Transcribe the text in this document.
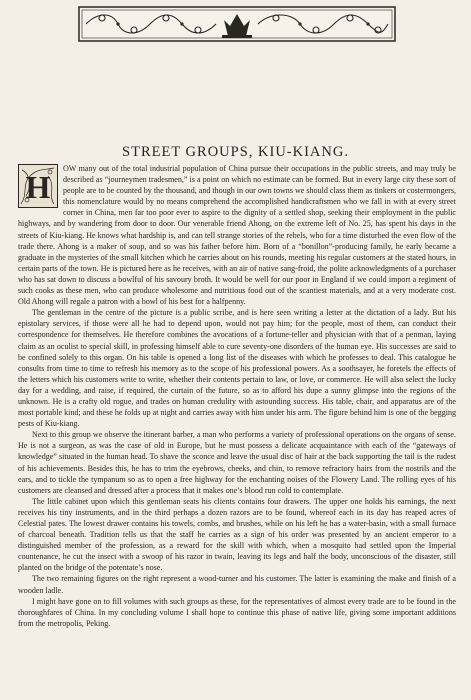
STREET GROUPS, KIU-KIANG.

H
OW many out of the total industrial population of China pursue their occupations in the public streets, and may truly be described as “journeymen tradesmen,” is a point on which no estimate can be formed. But in every large city these sort of people are to be counted by the thousand, and though in our own towns we should class them as tinkers or costermongers, this nomenclature would by no means comprehend the accomplished handicraftsmen who we fall in with at every street corner in China, men far too poor ever to aspire to the dignity of a settled shop, seeking their employment in the public highways, and by wandering from door to door. Our venerable friend Ahong, on the extreme left of No. 25, has spent his days in the streets of Kiu-kiang. He knows what hardship is, and can tell strange stories of the rebels, who for a time disturbed the even flow of the trade there. Ahong is a maker of soup, and so was his father before him. Born of a “bonillon”-producing family, he early became a graduate in the mysteries of the small kitchen which he carries about on his rounds, meeting his regular customers at the stated hours, in certain parts of the town. He is pictured here as he receives, with an air of native sang-froid, the polite acknowledgments of a purchaser who has sat down to discuss a bowlful of his savoury broth. It would be well for our poor in England if we could import a regiment of such cooks as these men, who can produce wholesome and nutritious food out of the scantiest materials, and at a very moderate cost. Old Ahong will regale a patron with a bowl of his best for a halfpenny.

The gentleman in the centre of the picture is a public scribe, and is here seen writing a letter at the dictation of a lady. But his epistolary services, if those were all he had to depend upon, would not pay him; for the people, most of them, can conduct their correspondence for themselves. He therefore combines the avocations of a fortune-teller and physician with that of a penman, laying claim as an oculist to special skill, in professing himself able to cure seventy-one disorders of the human eye. His successes are said to be confined solely to this organ. On his table is opened a long list of the diseases with which he professes to deal. This catalogue he consults from time to time to refresh his memory as to the scope of his professional powers. As a soothsayer, he foretels the effects of the letters which his customers write to write, whether their contents pertain to law, or love, or commerce. He will also select the lucky day for a wedding, and raise, if required, the curtain of the future, so as to afford his dupe a sunny glimpse into the regions of the unknown. He is a crafty old rogue, and trades on human credulity with astounding success. His table, chair, and apparatus are of the most portable kind; and these he folds up at night and carries away with him under his arm. The figure behind him is one of the begging pests of Kiu-kiang.

Next to this group we observe the itinerant barber, a man who performs a variety of professional operations on the organs of sense. He is not a surgeon, as was the case of old in Europe, but he must possess a delicate acquaintance with each of the “gateways of knowledge” situated in the human head. To shave the sconce and leave the usual disc of hair at the back supporting the tail is the rudest of his achievements. Besides this, he has to trim the eyebrows, cheeks, and chin, to remove refractory hairs from the nostrils and the ears, and to tickle the tympanum so as to open a free highway for the enchanting noises of the Flowery Land. The rolling eyes of his customers are cleansed and dressed after a process that it makes one’s blood run cold to contemplate.

The little cabinet upon which this gentleman seats his clients contains four drawers. The upper one holds his earnings, the next receives his tiny instruments, and in the third perhaps a dozen razors are to be found, whereof each in its day has reaped acres of Celestial pates. The lowest drawer contains his towels, combs, and brushes, while on his left he has a water-basin, with a small furnace of charcoal beneath. Tradition tells us that the staff he carries as a sign of his order was presented by an ancient emperor to a distinguished member of the profession, as a reward for the skill with which, when a mosquito had settled upon the Imperial countenance, he cut the insect with a swoop of his razor in twain, leaving its legs and half the body, unconscious of the disaster, still planted on the bridge of the potentate’s nose.

The two remaining figures on the right represent a wood-turner and his customer. The latter is examining the make and finish of a wooden ladle.

I might have gone on to fill volumes with such groups as these, for the representatives of almost every trade are to be found in the thoroughfares of China. In my concluding volume I shall hope to continue this phase of native life, giving some important additions from the metropolis, Peking.
